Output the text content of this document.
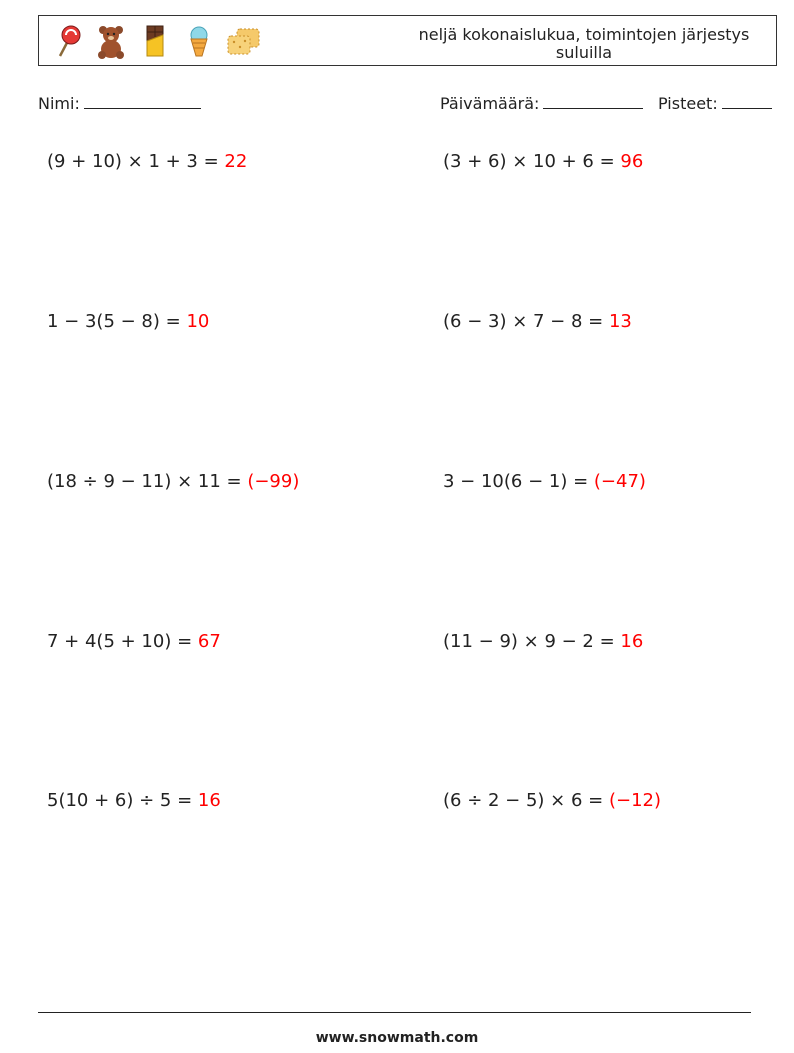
neljä kokonaislukua, toimintojen järjestys suluilla
Nimi:	Päivämäärä:	Pisteet:
(9 + 10) × 1 + 3 = 22	(3 + 6) × 10 + 6 = 96
1 − 3(5 − 8) = 10	(6 − 3) × 7 − 8 = 13
(18 ÷ 9 − 11) × 11 = (−99)	3 − 10(6 − 1) = (−47)
7 + 4(5 + 10) = 67	(11 − 9) × 9 − 2 = 16
5(10 + 6) ÷ 5 = 16	(6 ÷ 2 − 5) × 6 = (−12)
www.snowmath.com
